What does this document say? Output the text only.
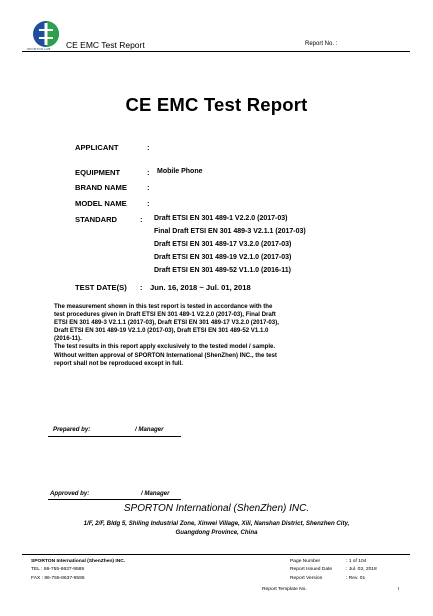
SPORTON LAB. CE EMC Test Report	Report No. :
CE EMC Test Report
APPLICANT	:
EQUIPMENT	: Mobile Phone
BRAND NAME	:
MODEL NAME	:
STANDARD	: Draft ETSI EN 301 489-1 V2.2.0 (2017-03)
Final Draft ETSI EN 301 489-3 V2.1.1 (2017-03)
Draft ETSI EN 301 489-17 V3.2.0 (2017-03)
Draft ETSI EN 301 489-19 V2.1.0 (2017-03)
Draft ETSI EN 301 489-52 V1.1.0 (2016-11)
TEST DATE(S) : Jun. 16, 2018 ~ Jul. 01, 2018
The measurement shown in this test report is tested in accordance with the
test procedures given in Draft ETSI EN 301 489-1 V2.2.0 (2017-03), Final Draft
ETSI EN 301 489-3 V2.1.1 (2017-03), Draft ETSI EN 301 489-17 V3.2.0 (2017-03),
Draft ETSI EN 301 489-19 V2.1.0 (2017-03), Draft ETSI EN 301 489-52 V1.1.0
(2016-11).
The test results in this report apply exclusively to the tested model / sample.
Without written approval of SPORTON International (ShenZhen) INC., the test
report shall not be reproduced except in full.
Prepared by:	/ Manager
Approved by:	/ Manager
SPORTON International (ShenZhen) INC.
1/F, 2/F, Bldg 5, Shiling Industrial Zone, Xinwei Village, Xili, Nanshan District, Shenzhen City,
Guangdong Province, China
SPORTON International (ShenZhen) INC.
TEL : 86-755-8637-9589
FAX : 86-755-8637-9595
Page Number	: 1 of 104
Report Issued Date	: Jul. 03, 2018
Report Version	: Rev. 01
Report Template No.	I
